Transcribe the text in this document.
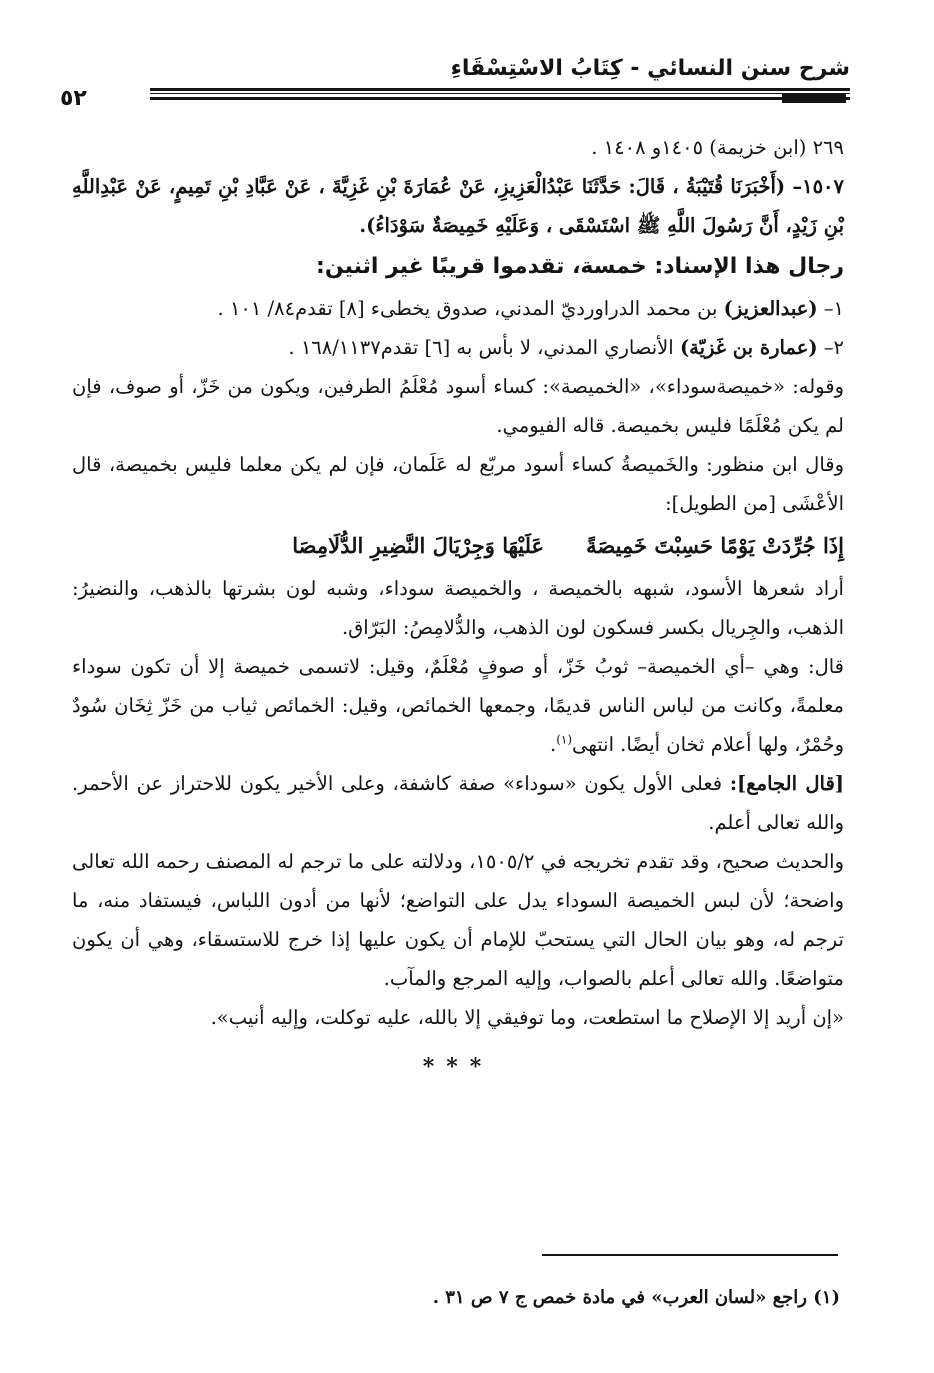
شرح سنن النسائي - كِتَابُ الاسْتِسْقَاءِ
٥٢

٢٦٩ (ابن خزيمة) ١٤٠٥و ١٤٠٨ .

١٥٠٧– (أَخْبَرَنَا قُتَيْبَةُ ، قَالَ: حَدَّثَنَا عَبْدُالْعَزِيزِ، عَنْ عُمَارَةَ بْنِ غَزِيَّةَ ، عَنْ عَبَّادِ بْنِ تَمِيمٍ، عَنْ عَبْدِاللَّهِ بْنِ زَيْدٍ، أَنَّ رَسُولَ اللَّهِ ﷺ اسْتَسْقَى ، وَعَلَيْهِ خَمِيصَةٌ سَوْدَاءُ).

رجال هذا الإسناد: خمسة، تقدموا قريبًا غير اثنين:

١– (عبدالعزيز) بن محمد الدراورديّ المدني، صدوق يخطىء [٨] تقدم٨٤/ ١٠١ .

٢– (عمارة بن غَزيّة) الأنصاري المدني، لا بأس به [٦] تقدم١٦٨/١١٣٧ .

وقوله: «خميصةسوداء»، «الخميصة»: كساء أسود مُعْلَمُ الطرفين، ويكون من خَزّ، أو صوف، فإن لم يكن مُعْلَمًا فليس بخميصة. قاله الفيومي.

وقال ابن منظور: والخَميصةُ كساء أسود مربّع له عَلَمان، فإن لم يكن معلما فليس بخميصة، قال الأعْشَى [من الطويل]:

إِذَا جُرِّدَتْ يَوْمًا حَسِبْتَ خَمِيصَةً
عَلَيْهَا وَجِرْيَالَ النَّضِيرِ الدُّلَامِصَا

أراد شعرها الأسود، شبهه بالخميصة ، والخميصة سوداء، وشبه لون بشرتها بالذهب، والنضيرُ: الذهب، والجِريال بكسر فسكون لون الذهب، والدُّلامِصُ: البَرّاق.

قال: وهي –أي الخميصة– ثوبُ خَزّ، أو صوفٍ مُعْلَمٌ، وقيل: لاتسمى خميصة إلا أن تكون سوداء معلمةً، وكانت من لباس الناس قديمًا، وجمعها الخمائص، وقيل: الخمائص ثياب من خَزّ ثِخَان سُودٌ وحُمْرٌ، ولها أعلام ثخان أيضًا. انتهى$^{(١)}$.

[قال الجامع]: فعلى الأول يكون «سوداء» صفة كاشفة، وعلى الأخير يكون للاحتراز عن الأحمر. والله تعالى أعلم.

والحديث صحيح، وقد تقدم تخريجه في ١٥٠٥/٢، ودلالته على ما ترجم له المصنف رحمه الله تعالى واضحة؛ لأن لبس الخميصة السوداء يدل على التواضع؛ لأنها من أدون اللباس، فيستفاد منه، ما ترجم له، وهو بيان الحال التي يستحبّ للإمام أن يكون عليها إذا خرج للاستسقاء، وهي أن يكون متواضعًا. والله تعالى أعلم بالصواب، وإليه المرجع والمآب.

«إن أريد إلا الإصلاح ما استطعت، وما توفيقي إلا بالله، عليه توكلت، وإليه أنيب».

***

(١) راجع «لسان العرب» في مادة خمص ج ٧ ص ٣١ .
